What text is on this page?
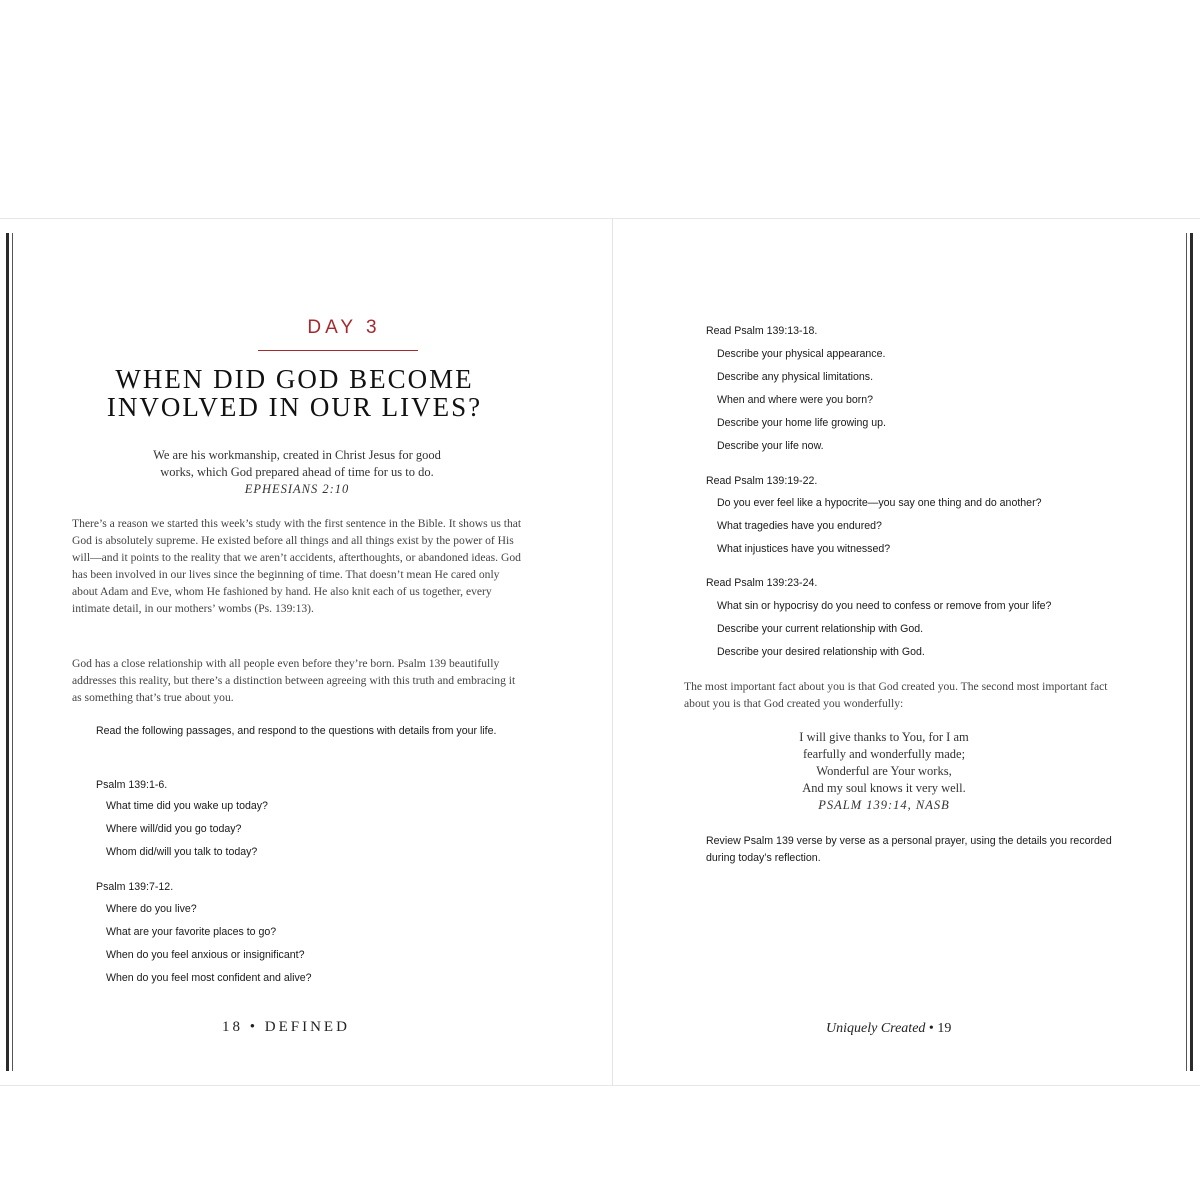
DAY 3
WHEN DID GOD BECOME
INVOLVED IN OUR LIVES?
We are his workmanship, created in Christ Jesus for good
works, which God prepared ahead of time for us to do.
EPHESIANS 2:10
There’s a reason we started this week’s study with the first sentence in the Bible. It shows us that God is absolutely supreme. He existed before all things and all things exist by the power of His will—and it points to the reality that we aren’t accidents, afterthoughts, or abandoned ideas. God has been involved in our lives since the beginning of time. That doesn’t mean He cared only about Adam and Eve, whom He fashioned by hand. He also knit each of us together, every intimate detail, in our mothers’ wombs (Ps. 139:13).
God has a close relationship with all people even before they’re born. Psalm 139 beautifully addresses this reality, but there’s a distinction between agreeing with this truth and embracing it as something that’s true about you.
Read the following passages, and respond to the questions with details from your life.
Psalm 139:1-6.
What time did you wake up today?
Where will/did you go today?
Whom did/will you talk to today?
Psalm 139:7-12.
Where do you live?
What are your favorite places to go?
When do you feel anxious or insignificant?
When do you feel most confident and alive?
18 • DEFINED
Read Psalm 139:13-18.
Describe your physical appearance.
Describe any physical limitations.
When and where were you born?
Describe your home life growing up.
Describe your life now.
Read Psalm 139:19-22.
Do you ever feel like a hypocrite—you say one thing and do another?
What tragedies have you endured?
What injustices have you witnessed?
Read Psalm 139:23-24.
What sin or hypocrisy do you need to confess or remove from your life?
Describe your current relationship with God.
Describe your desired relationship with God.
The most important fact about you is that God created you. The second most important fact about you is that God created you wonderfully:
I will give thanks to You, for I am
fearfully and wonderfully made;
Wonderful are Your works,
And my soul knows it very well.
PSALM 139:14, NASB
Review Psalm 139 verse by verse as a personal prayer, using the details you recorded during today’s reflection.
Uniquely Created • 19
